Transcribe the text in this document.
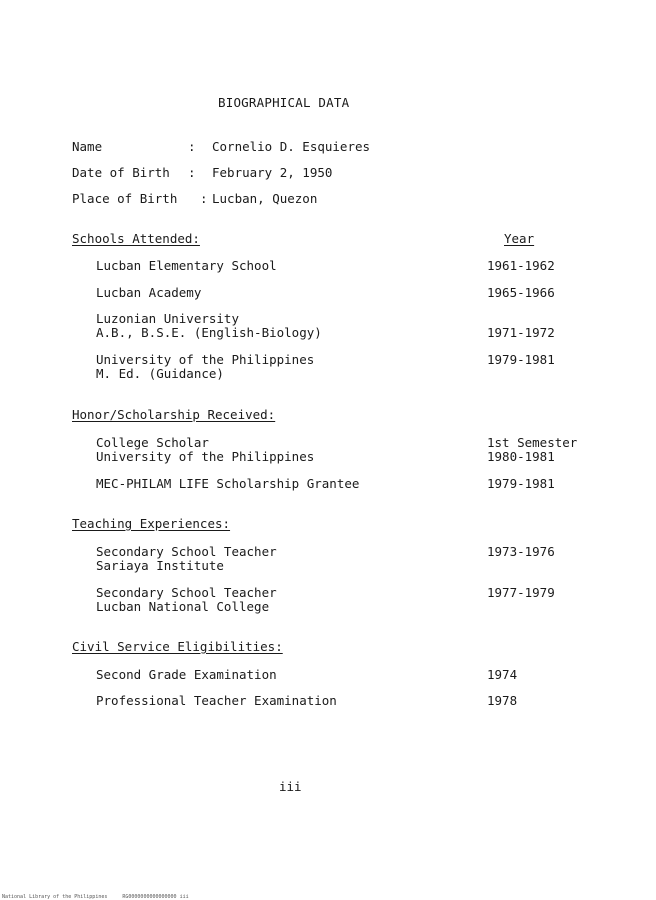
BIOGRAPHICAL DATA
Name	: Cornelio D. Esquieres
Date of Birth : February 2, 1950
Place of Birth : Lucban, Quezon
Schools Attended:	Year
Lucban Elementary School	1961-1962
Lucban Academy	1965-1966
Luzonian University
A.B., B.S.E. (English-Biology)	1971-1972
University of the Philippines	1979-1981
M. Ed. (Guidance)
Honor/Scholarship Received:
College Scholar	1st Semester
University of the Philippines	1980-1981
MEC-PHILAM LIFE Scholarship Grantee	1979-1981
Teaching Experiences:
Secondary School Teacher	1973-1976
Sariaya Institute
Secondary School Teacher	1977-1979
Lucban National College
Civil Service Eligibilities:
Second Grade Examination	1974
Professional Teacher Examination	1978
iii
National Library of the Philippines	RG0000000000000000 iii
